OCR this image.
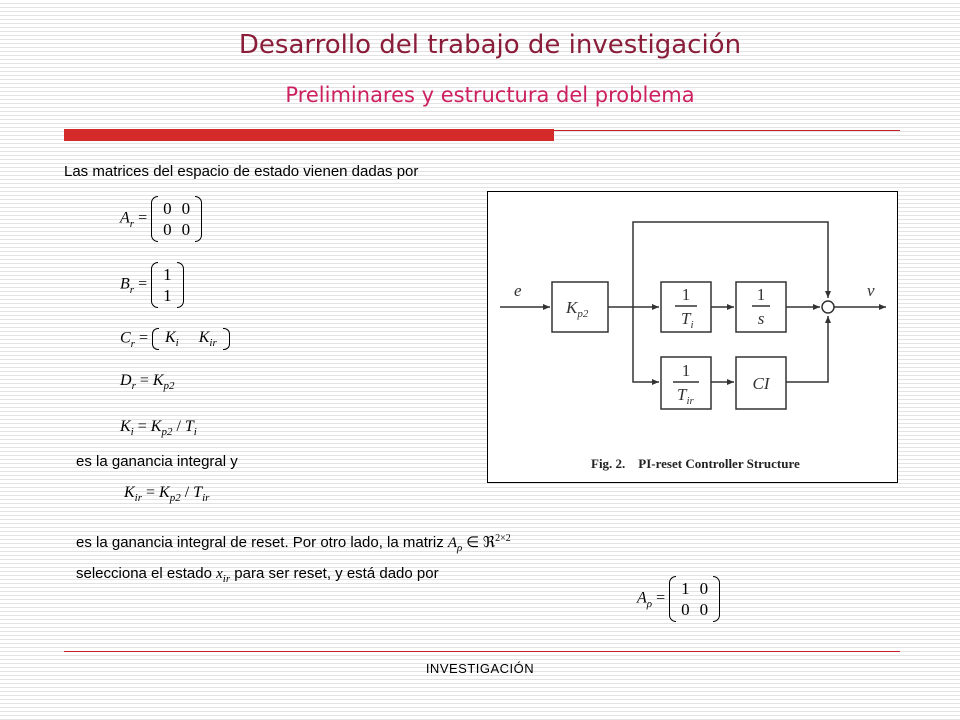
Desarrollo del trabajo de investigación
Preliminares y estructura del problema
Las matrices del espacio de estado vienen dadas por
$A_r$ =
0	0
0	0
$B_r$ =
1
1
$C_r$ =	$K_i$	$K_{ir}$
$D_r = K_{p2}$
$K_i = K_{p2} / T_i$
es la ganancia integral y
$K_{ir} = K_{p2} / T_{ir}$
es la ganancia integral de reset. Por otro lado, la matriz $A_\rho$ ∈ ℜ$^{2\times 2}$
selecciona el estado $x_{ir}$ para ser reset, y está dado por
$A_\rho$ =
1	0
0	0
e
$K_{p2}$
1
$T_i$
1
s
1
$T_{ir}$
CI
v
Fig. 2.    PI-reset Controller Structure
INVESTIGACIÓN
